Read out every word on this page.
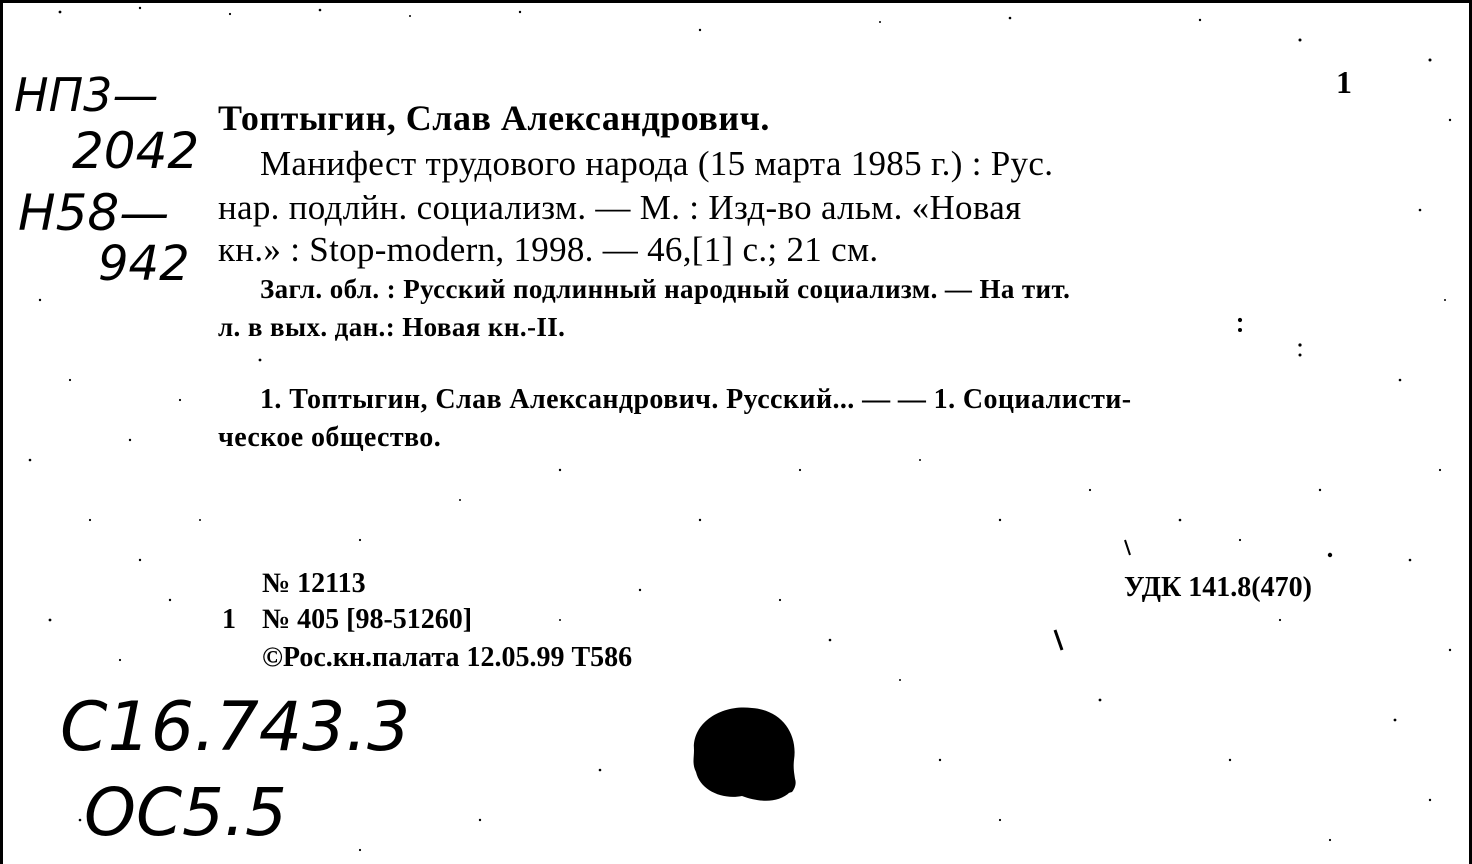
НП3—
2042
Н58—
942
1
Топтыгин, Слав Александрович.
Манифест трудового народа (15 марта 1985 г.) : Рус.
нар. подлйн. социализм. — М. : Изд-во альм. «Новая
кн.» : Stop-modern, 1998. — 46,[1] с.; 21 см.
Загл. обл. : Русский подлинный народный социализм. — На тит.
л. в вых. дан.: Новая кн.-II.
1. Топтыгин, Слав Александрович. Русский... — — 1. Социалисти-
ческое общество.
№ 12113
1 № 405 [98-51260]
©Рос.кн.палата 12.05.99 Т586
УДК 141.8(470)
С16.743.3
ОС5.5
